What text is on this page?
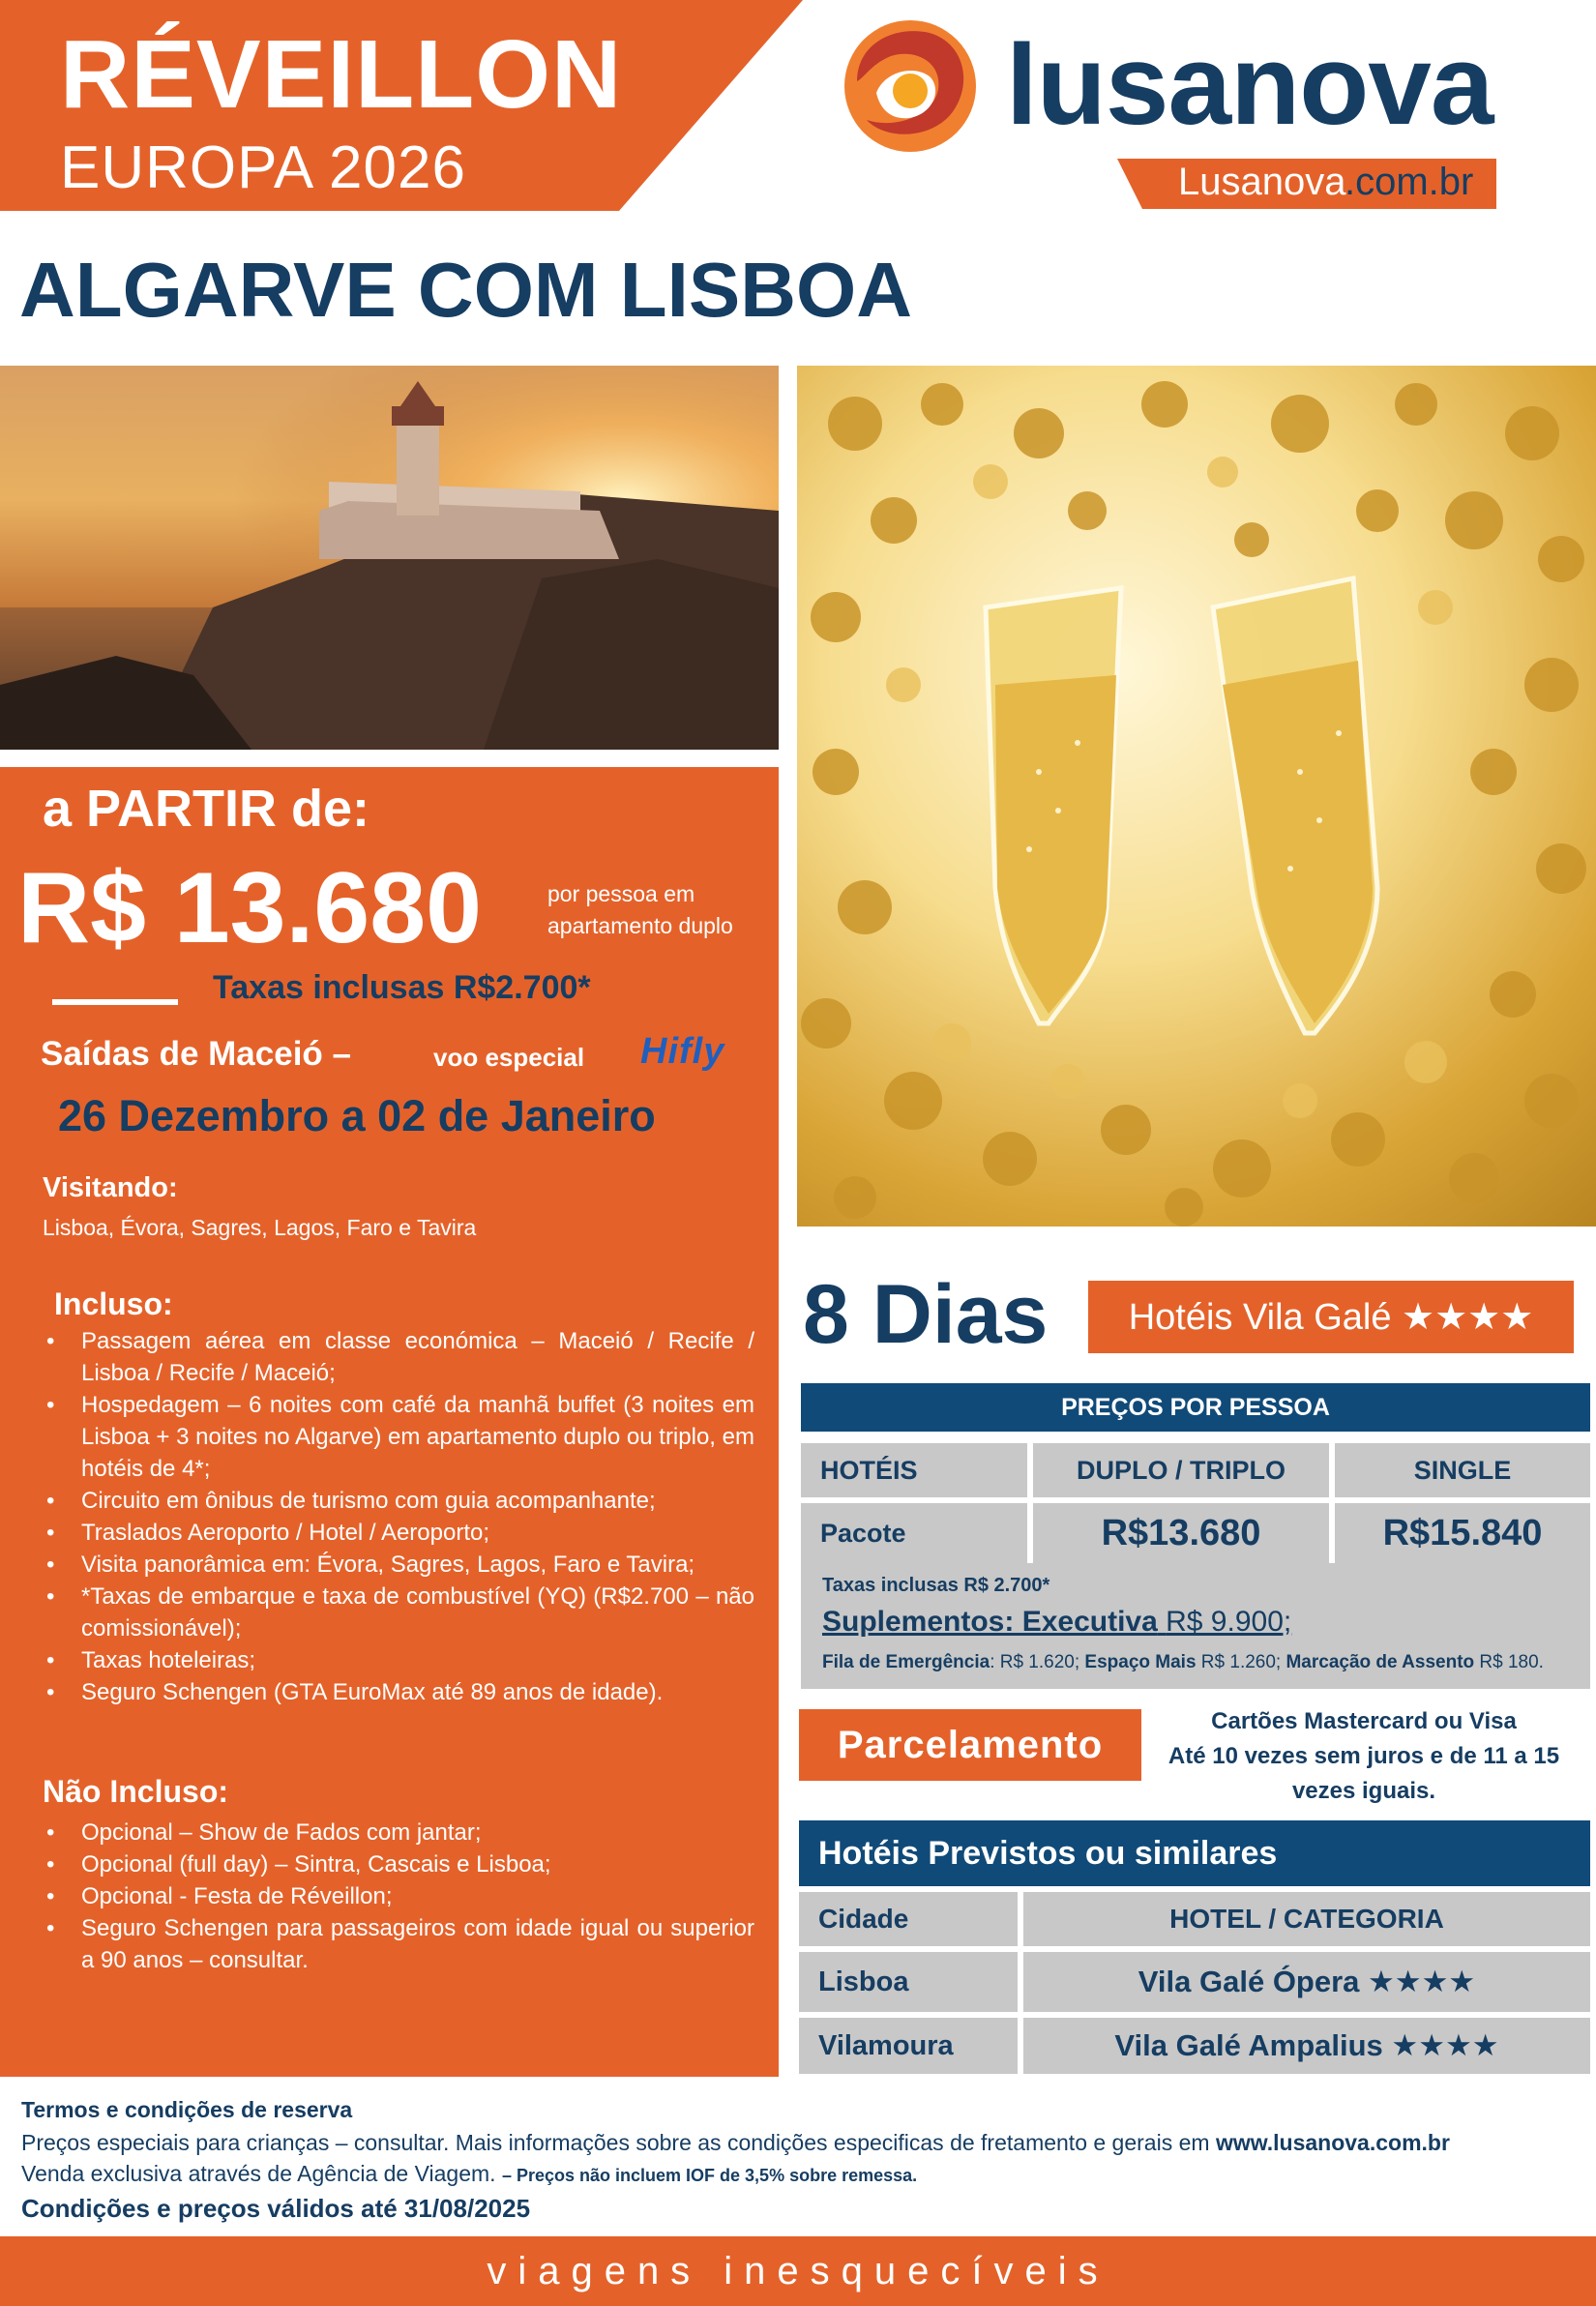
RÉVEILLON
EUROPA 2026
lusanova
Lusanova
.com.br
ALGARVE COM LISBOA
a PARTIR de:
R$ 13.680	por pessoa em
apartamento duplo
Taxas inclusas R$2.700*
Saídas de Maceió –	voo especial Hifly
26 Dezembro a 02 de Janeiro
Visitando:
Lisboa, Évora, Sagres, Lagos, Faro e Tavira
Incluso:
• Passagem aérea em classe económica – Maceió / Recife / Lisboa / Recife / Maceió;
• Hospedagem – 6 noites com café da manhã buffet (3 noites em Lisboa + 3 noites no Algarve) em apartamento duplo ou triplo, em hotéis de 4*;
• Circuito em ônibus de turismo com guia acompanhante;
• Traslados Aeroporto / Hotel / Aeroporto;
• Visita panorâmica em: Évora, Sagres, Lagos, Faro e Tavira;
• *Taxas de embarque e taxa de combustível (YQ) (R$2.700 – não comissionável);
• Taxas hoteleiras;
• Seguro Schengen (GTA EuroMax até 89 anos de idade).
Não Incluso:
• Opcional – Show de Fados com jantar;
• Opcional (full day) – Sintra, Cascais e Lisboa;
• Opcional - Festa de Réveillon;
• Seguro Schengen para passageiros com idade igual ou superior a 90 anos – consultar.
8 Dias	Hotéis Vila Galé ★★★★
PREÇOS POR PESSOA
HOTÉIS	DUPLO / TRIPLO	SINGLE
Pacote	R$13.680	R$15.840
Taxas inclusas R$ 2.700*
Suplementos: Executiva R$ 9.900;
Fila de Emergência: R$ 1.620; Espaço Mais R$ 1.260; Marcação de Assento R$ 180.
Parcelamento
Cartões Mastercard ou Visa
Até 10 vezes sem juros e de 11 a 15
vezes iguais.
Hotéis Previstos ou similares
Cidade	HOTEL / CATEGORIA
Lisboa	Vila Galé Ópera ★★★★
Vilamoura	Vila Galé Ampalius ★★★★
Termos e condições de reserva
Preços especiais para crianças – consultar. Mais informações sobre as condições especificas de fretamento e gerais em www.lusanova.com.br
Venda exclusiva através de Agência de Viagem. – Preços não incluem IOF de 3,5% sobre remessa.
Condições e preços válidos até 31/08/2025
viagens inesquecíveis
